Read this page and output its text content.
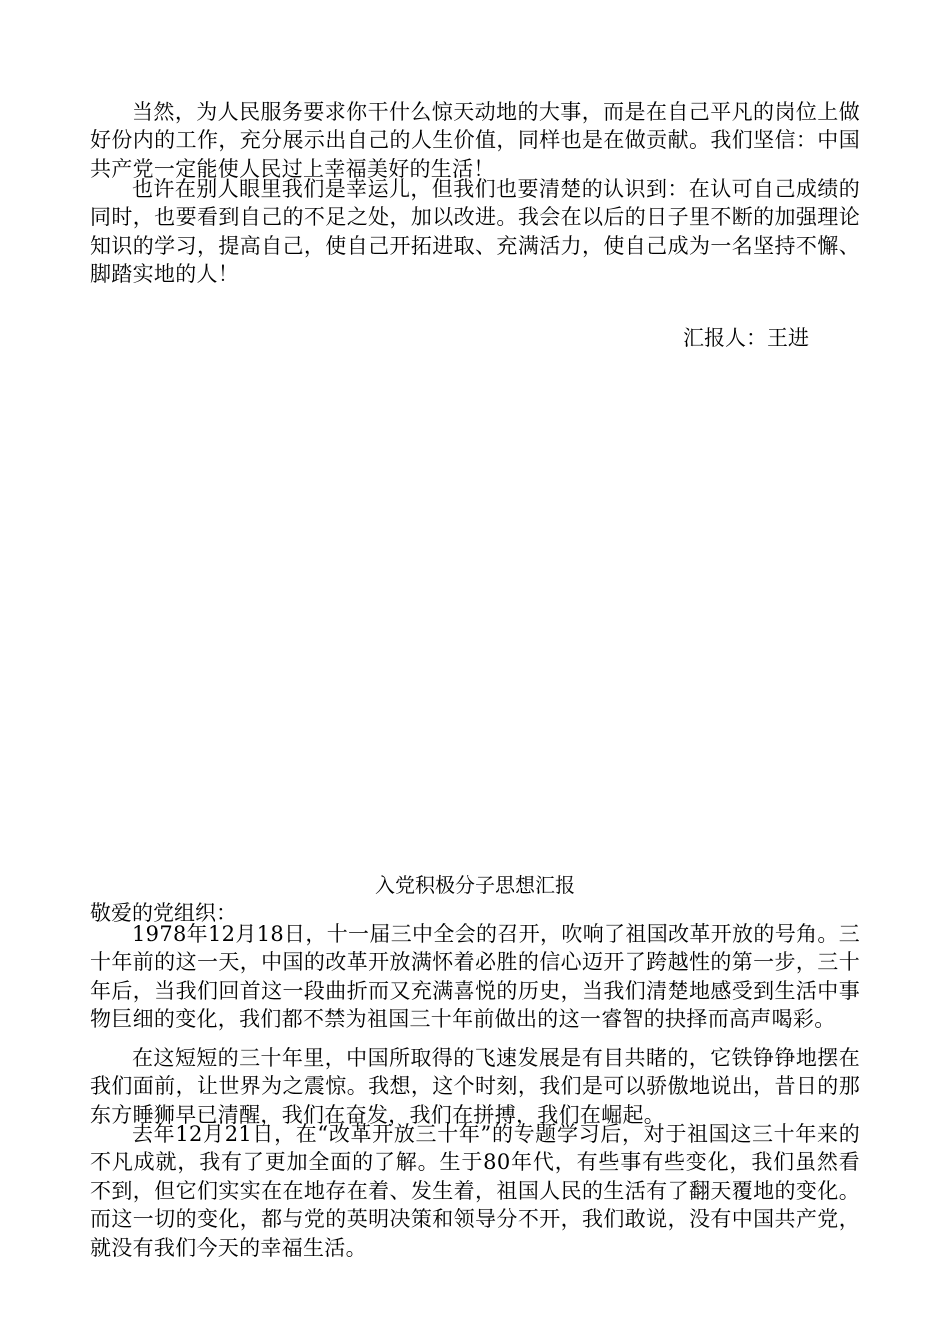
当然，为人民服务要求你干什么惊天动地的大事，而是在自己平凡的岗位上做好份内的工作，充分展示出自己的人生价值，同样也是在做贡献。我们坚信：中国共产党一定能使人民过上幸福美好的生活！

也许在别人眼里我们是幸运儿，但我们也要清楚的认识到：在认可自己成绩的同时，也要看到自己的不足之处，加以改进。我会在以后的日子里不断的加强理论知识的学习，提高自己，使自己开拓进取、充满活力，使自己成为一名坚持不懈、脚踏实地的人！

汇报人：王进
入党积极分子思想汇报
敬爱的党组织：

1978年12月18日，十一届三中全会的召开，吹响了祖国改革开放的号角。三十年前的这一天，中国的改革开放满怀着必胜的信心迈开了跨越性的第一步，三十年后，当我们回首这一段曲折而又充满喜悦的历史，当我们清楚地感受到生活中事物巨细的变化，我们都不禁为祖国三十年前做出的这一睿智的抉择而高声喝彩。

在这短短的三十年里，中国所取得的飞速发展是有目共睹的，它铁铮铮地摆在我们面前，让世界为之震惊。我想，这个时刻，我们是可以骄傲地说出，昔日的那东方睡狮早已清醒，我们在奋发，我们在拼搏，我们在崛起。

去年12月21日，在“改革开放三十年”的专题学习后，对于祖国这三十年来的不凡成就，我有了更加全面的了解。生于80年代，有些事有些变化，我们虽然看不到，但它们实实在在地存在着、发生着，祖国人民的生活有了翻天覆地的变化。而这一切的变化，都与党的英明决策和领导分不开，我们敢说，没有中国共产党，就没有我们今天的幸福生活。
